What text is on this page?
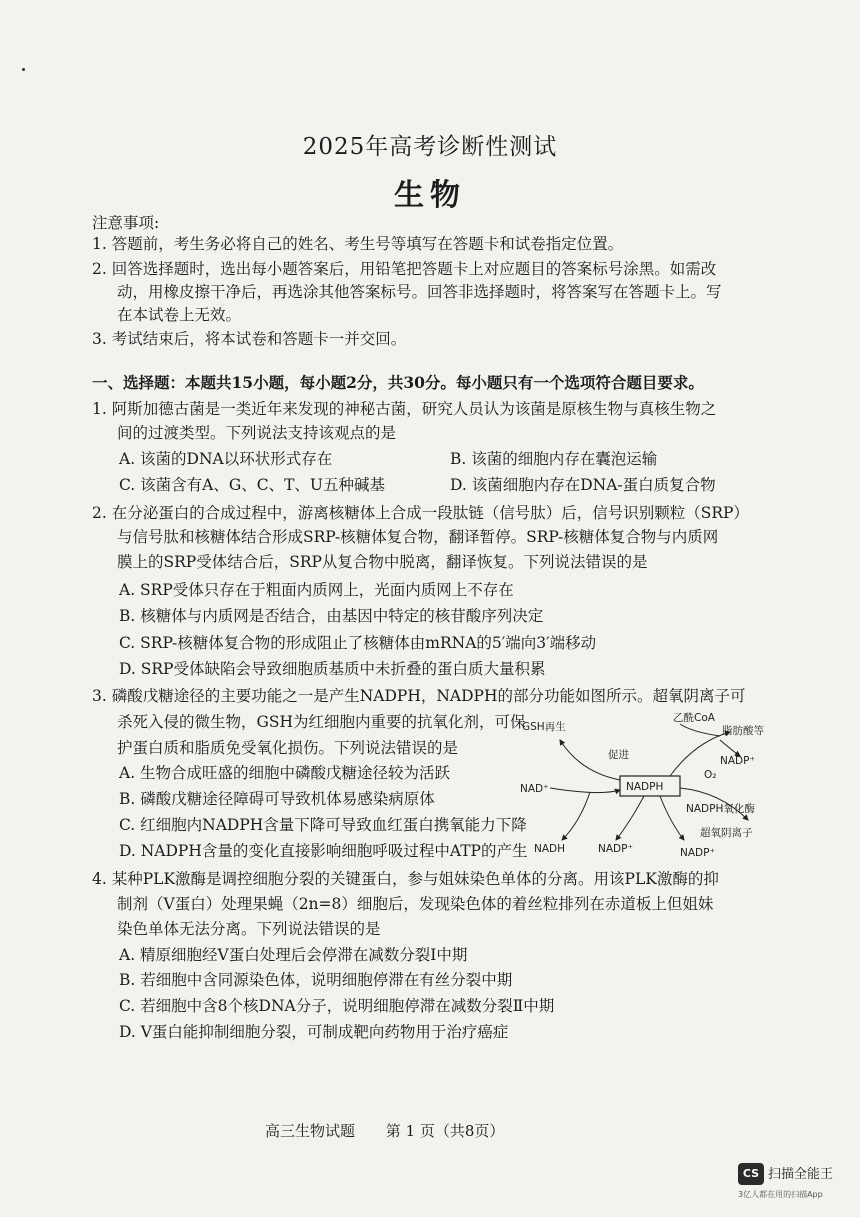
2025年高考诊断性测试
生物
注意事项:
1. 答题前，考生务必将自己的姓名、考生号等填写在答题卡和试卷指定位置。
2. 回答选择题时，选出每小题答案后，用铅笔把答题卡上对应题目的答案标号涂黑。如需改
动，用橡皮擦干净后，再选涂其他答案标号。回答非选择题时，将答案写在答题卡上。写
在本试卷上无效。
3. 考试结束后，将本试卷和答题卡一并交回。
一、选择题：本题共15小题，每小题2分，共30分。每小题只有一个选项符合题目要求。
1. 阿斯加德古菌是一类近年来发现的神秘古菌，研究人员认为该菌是原核生物与真核生物之
间的过渡类型。下列说法支持该观点的是
A. 该菌的DNA以环状形式存在	B. 该菌的细胞内存在囊泡运输
C. 该菌含有A、G、C、T、U五种碱基	D. 该菌细胞内存在DNA-蛋白质复合物
2. 在分泌蛋白的合成过程中，游离核糖体上合成一段肽链（信号肽）后，信号识别颗粒（SRP）
与信号肽和核糖体结合形成SRP-核糖体复合物，翻译暂停。SRP-核糖体复合物与内质网
膜上的SRP受体结合后，SRP从复合物中脱离，翻译恢复。下列说法错误的是
A. SRP受体只存在于粗面内质网上，光面内质网上不存在
B. 核糖体与内质网是否结合，由基因中特定的核苷酸序列决定
C. SRP-核糖体复合物的形成阻止了核糖体由mRNA的5′端向3′端移动
D. SRP受体缺陷会导致细胞质基质中未折叠的蛋白质大量积累
3. 磷酸戊糖途径的主要功能之一是产生NADPH，NADPH的部分功能如图所示。超氧阴离子可
杀死入侵的微生物，GSH为红细胞内重要的抗氧化剂，可保
护蛋白质和脂质免受氧化损伤。下列说法错误的是
A. 生物合成旺盛的细胞中磷酸戊糖途径较为活跃
B. 磷酸戊糖途径障碍可导致机体易感染病原体
C. 红细胞内NADPH含量下降可导致血红蛋白携氧能力下降
D. NADPH含量的变化直接影响细胞呼吸过程中ATP的产生
NADPH
GSH再生
乙酰CoA
促进
脂肪酸等
NADP⁺
O₂
NADPH氧化酶
超氧阴离子
NAD⁺
NADH	NADP⁺	NADP⁺
4. 某种PLK激酶是调控细胞分裂的关键蛋白，参与姐妹染色单体的分离。用该PLK激酶的抑
制剂（V蛋白）处理果蝇（2n=8）细胞后，发现染色体的着丝粒排列在赤道板上但姐妹
染色单体无法分离。下列说法错误的是
A. 精原细胞经V蛋白处理后会停滞在减数分裂Ⅰ中期
B. 若细胞中含同源染色体，说明细胞停滞在有丝分裂中期
C. 若细胞中含8个核DNA分子，说明细胞停滞在减数分裂Ⅱ中期
D. V蛋白能抑制细胞分裂，可制成靶向药物用于治疗癌症
高三生物试题 第 1 页（共8页）
CS 扫描全能王
3亿人都在用的扫描App
